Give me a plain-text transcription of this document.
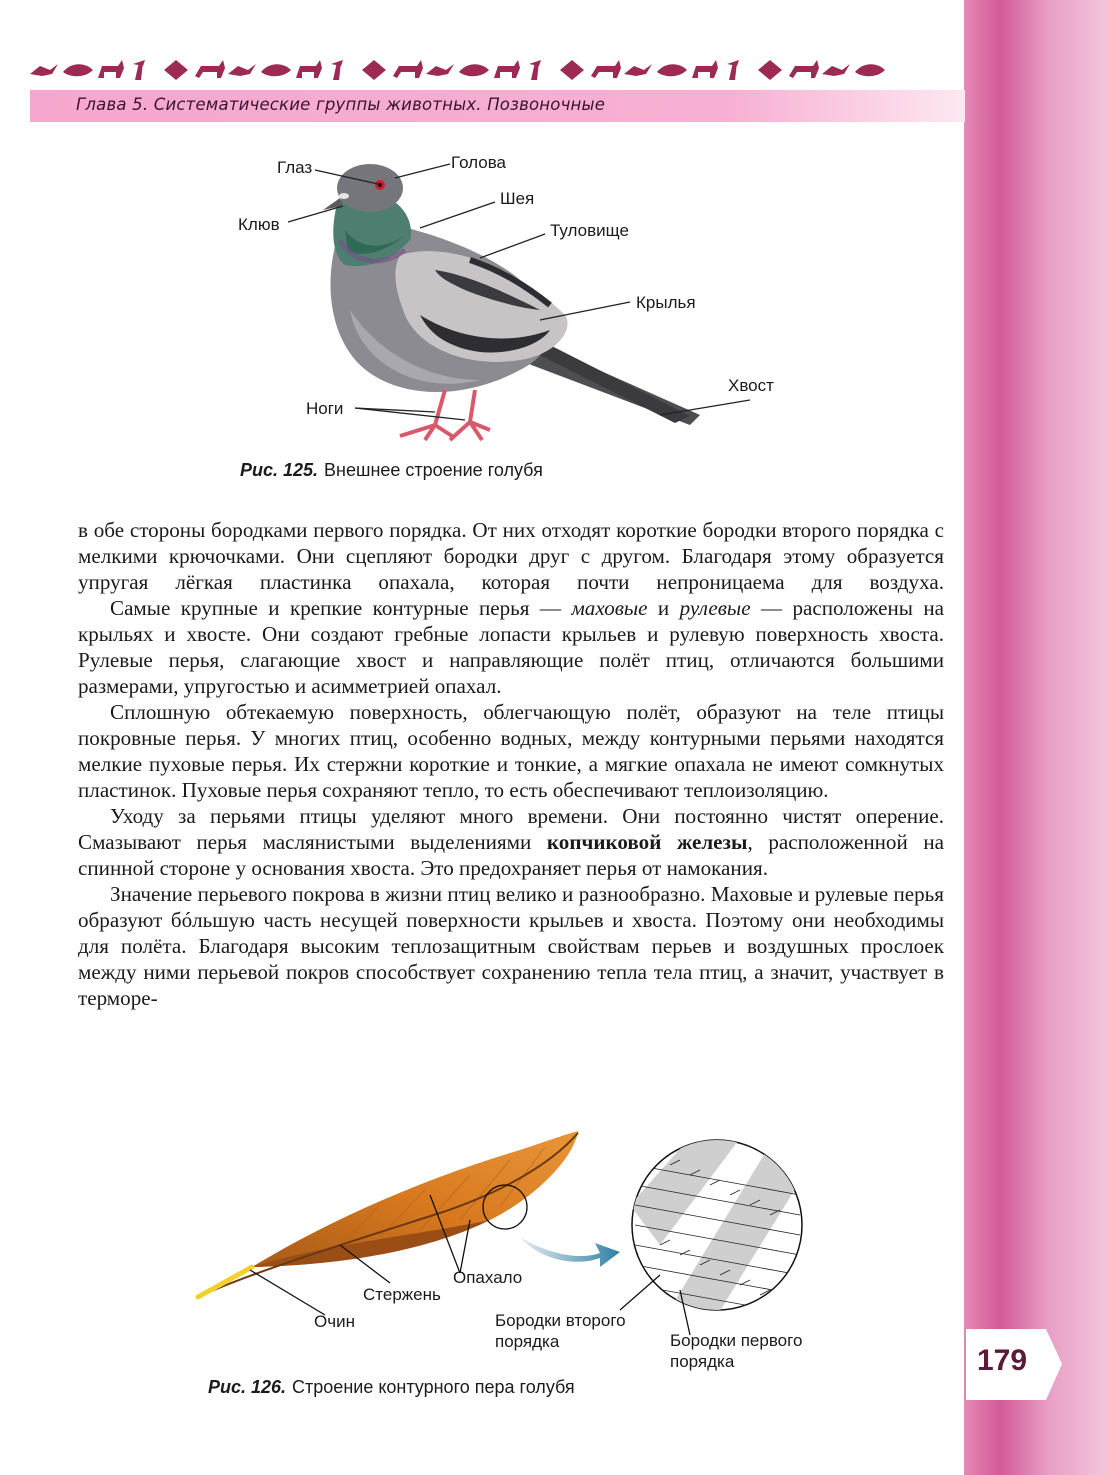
Глава 5. Систематические группы животных. Позвоночные
Глаз	Голова
Клюв
Шея
Туловище
Крылья
Хвост
Ноги
Рис. 125. Внешнее строение голубя

в обе стороны бородками первого порядка. От них отходят короткие бородки второго порядка с мелкими крючочками. Они сцепляют бородки друг с другом. Благодаря этому образуется упругая лёгкая пластинка опахала, которая почти непроницаема для воздуха.

Самые крупные и крепкие контурные перья — маховые и рулевые — расположены на крыльях и хвосте. Они создают гребные лопасти крыльев и рулевую поверхность хвоста. Рулевые перья, слагающие хвост и направляющие полёт птиц, отличаются большими размерами, упругостью и асимметрией опахал.

Сплошную обтекаемую поверхность, облегчающую полёт, образуют на теле птицы покровные перья. У многих птиц, особенно водных, между контурными перьями находятся мелкие пуховые перья. Их стержни короткие и тонкие, а мягкие опахала не имеют сомкнутых пластинок. Пуховые перья сохраняют тепло, то есть обеспечивают теплоизоляцию.

Уходу за перьями птицы уделяют много времени. Они постоянно чистят оперение. Смазывают перья маслянистыми выделениями копчиковой железы, расположенной на спинной стороне у основания хвоста. Это предохраняет перья от намокания.

Значение перьевого покрова в жизни птиц велико и разнообразно. Маховые и рулевые перья образуют бóльшую часть несущей поверхности крыльев и хвоста. Поэтому они необходимы для полёта. Благодаря высоким теплозащитным свойствам перьев и воздушных прослоек между ними перьевой покров способствует сохранению тепла тела птиц, а значит, участвует в терморе-

Опахало
Стержень
Очин	Бородки второго
порядка	Бородки первого
порядка
Рис. 126. Строение контурного пера голубя
179
